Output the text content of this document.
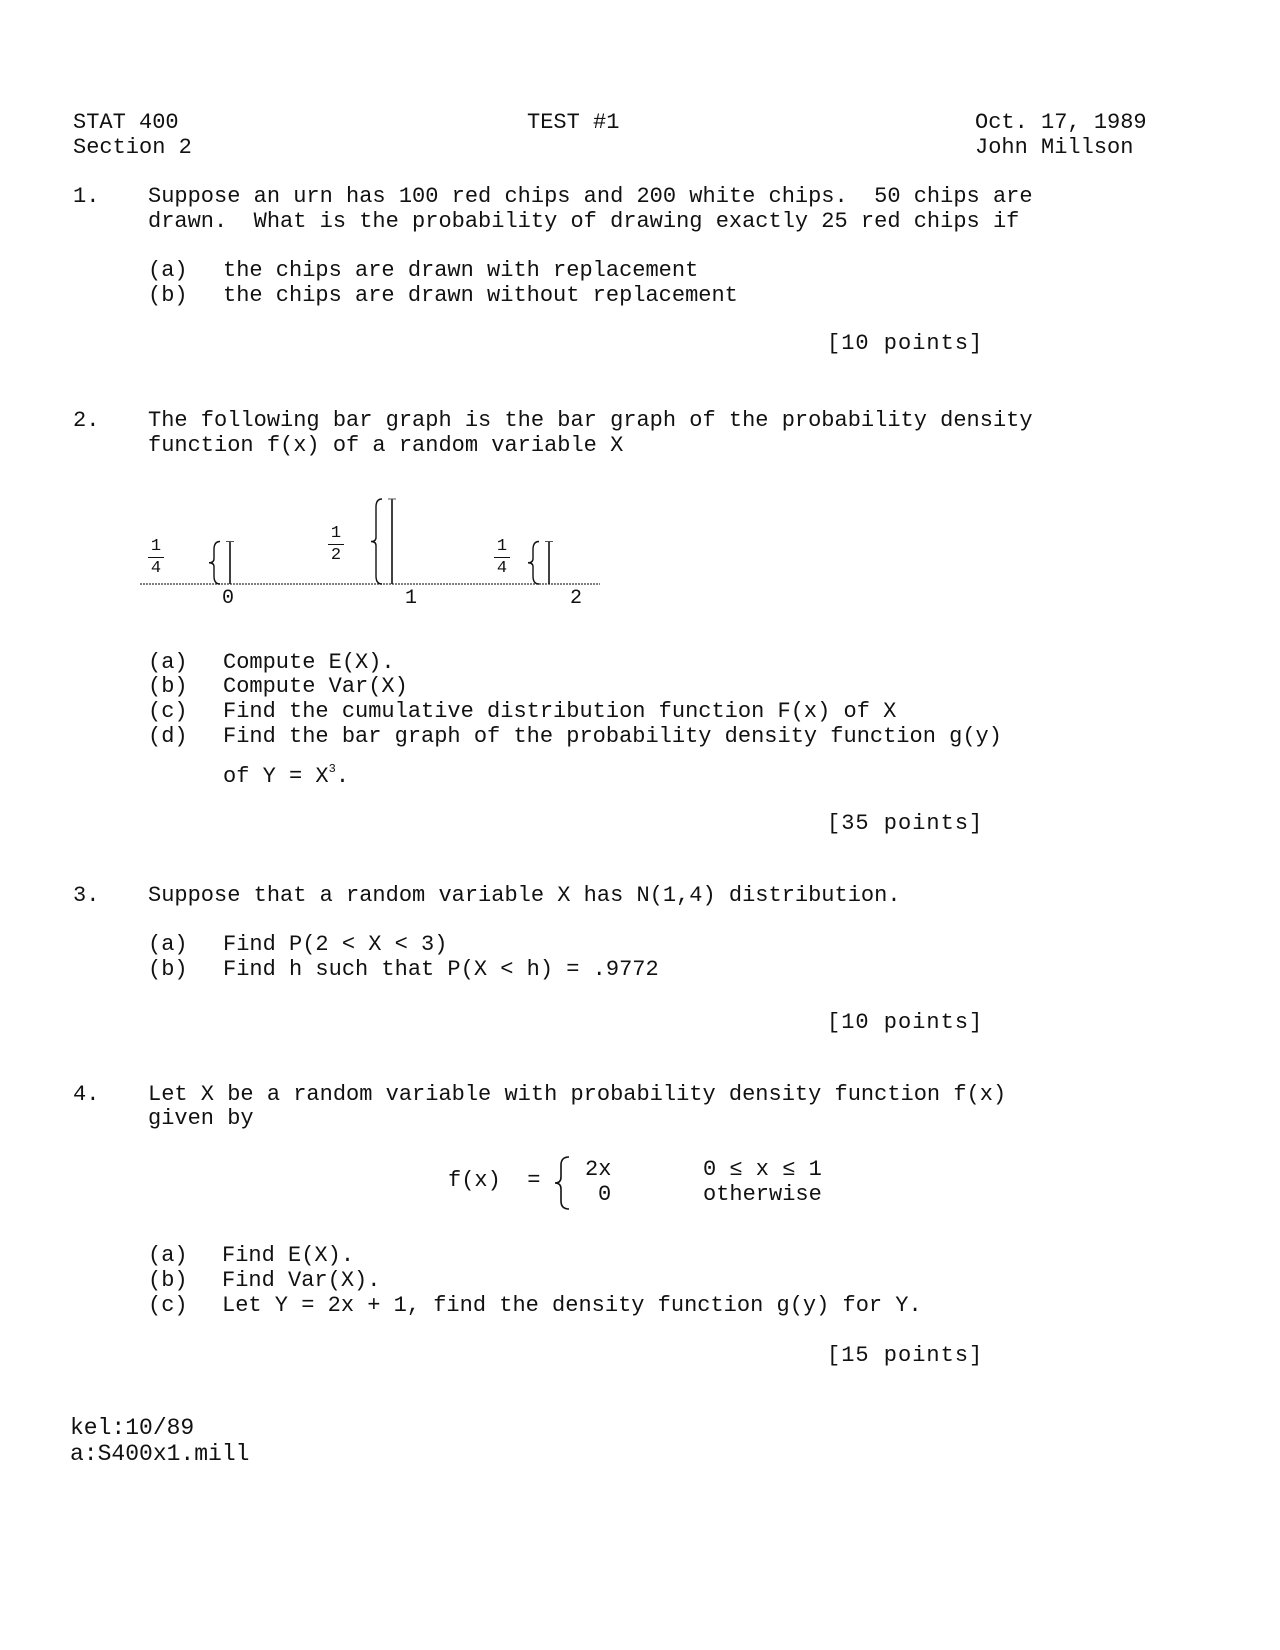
STAT 400
Section 2
TEST #1	Oct. 17, 1989
John Millson
1.	Suppose an urn has 100 red chips and 200 white chips.  50 chips are
drawn.  What is the probability of drawing exactly 25 red chips if
(a) the chips are drawn with replacement
(b) the chips are drawn without replacement
[10 points]
2.	The following bar graph is the bar graph of the probability density
function f(x) of a random variable X
1
4
1
2	1
4
0	1	2
(a) Compute E(X).
(b) Compute Var(X)
(c) Find the cumulative distribution function F(x) of X
(d) Find the bar graph of the probability density function g(y)
of $Y = X^3$.
[35 points]
3.	Suppose that a random variable X has N(1,4) distribution.
(a) Find P(2 < X < 3)
(b) Find h such that P(X < h) = .9772
[10 points]
4.	Let X be a random variable with probability density function f(x)
given by
f(x)  = 2x
0
0 ≤ x ≤ 1
otherwise
(a) Find E(X).
(b) Find Var(X).
(c) Let Y = 2x + 1, find the density function g(y) for Y.
[15 points]
kel:10/89
a:S400x1.mill
